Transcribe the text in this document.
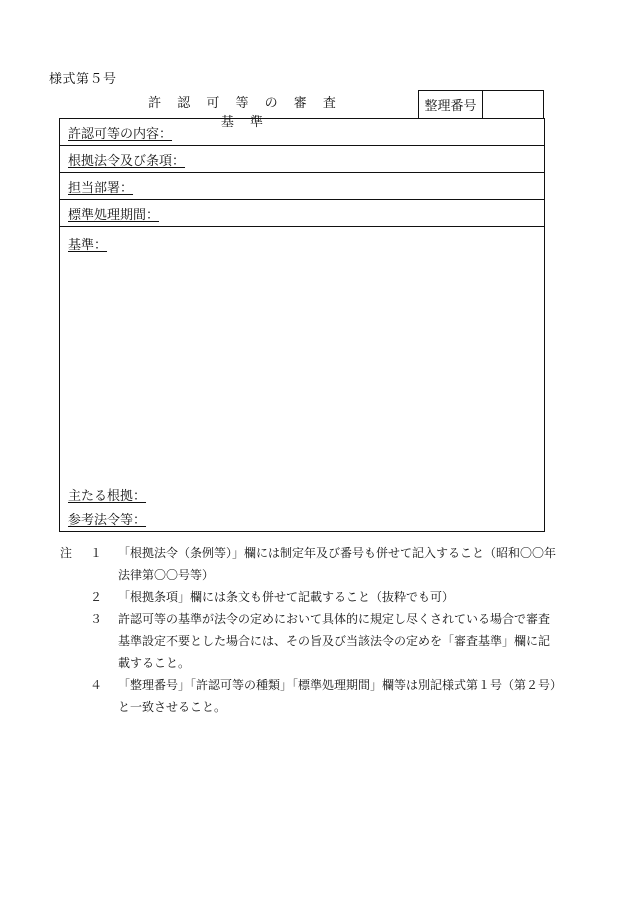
様式第５号
許 認 可 等 の 審 査 基 準
整理番号
許認可等の内容：
根拠法令及び条項：
担当部署：
標準処理期間：
基準：
主たる根拠：
参考法令等：
注	１	「根拠法令（条例等）」欄には制定年及び番号も併せて記入すること（昭和〇〇年法律第〇〇号等）
２	「根拠条項」欄には条文も併せて記載すること（抜粋でも可）
３	許認可等の基準が法令の定めにおいて具体的に規定し尽くされている場合で審査基準設定不要とした場合には、その旨及び当該法令の定めを「審査基準」欄に記載すること。
４	「整理番号」「許認可等の種類」「標準処理期間」欄等は別記様式第１号（第２号）と一致させること。
